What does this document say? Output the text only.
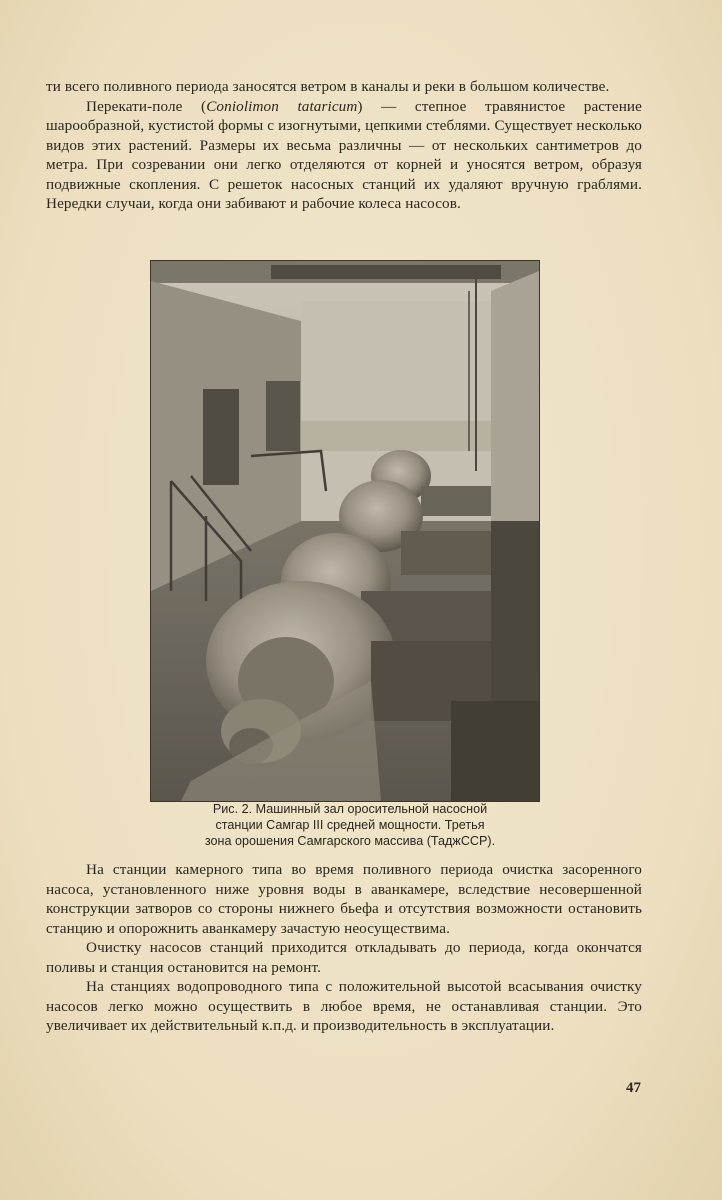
ти всего поливного периода заносятся ветром в каналы и реки в большом количестве.

Перекати-поле (Coniolimon tataricum) — степное травянистое растение шарообразной, кустистой формы с изогнутыми, цепкими стеблями. Существует несколько видов этих растений. Размеры их весьма различны — от нескольких сантиметров до метра. При созревании они легко отделяются от корней и уносятся ветром, образуя подвижные скопления. С решеток насосных станций их удаляют вручную граблями. Нередки случаи, когда они забивают и рабочие колеса насосов.

Рис. 2. Машинный зал оросительной насосной

станции Самгар III средней мощности. Третья

зона орошения Самгарского массива (ТаджССР).

На станции камерного типа во время поливного периода очистка засоренного насоса, установленного ниже уровня воды в аванкамере, вследствие несовершенной конструкции затворов со стороны нижнего бьефа и отсутствия возможности остановить станцию и опорожнить аванкамеру зачастую неосуществима.

Очистку насосов станций приходится откладывать до периода, когда окончатся поливы и станция остановится на ремонт.

На станциях водопроводного типа с положительной высотой всасывания очистку насосов легко можно осуществить в любое время, не останавливая станции. Это увеличивает их действительный к.п.д. и производительность в эксплуатации.

47
